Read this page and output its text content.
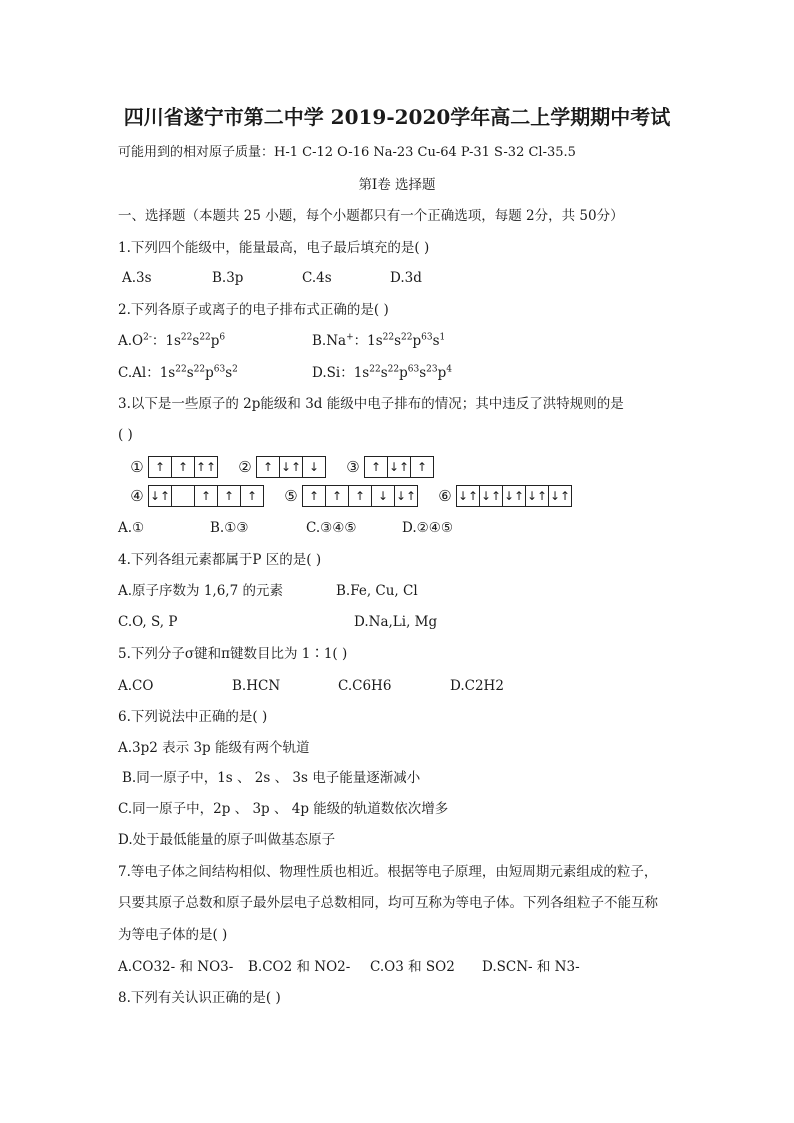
四川省遂宁市第二中学 2019-2020学年高二上学期期中考试
可能用到的相对原子质量：H-1 C-12 O-16 Na-23 Cu-64 P-31 S-32 Cl-35.5
第Ⅰ卷 选择题
一、选择题（本题共 25 小题，每个小题都只有一个正确选项，每题 2分，共 50分）
1.下列四个能级中，能量最高，电子最后填充的是( )
A.3s	B.3p	C.4s	D.3d
2.下列各原子或离子的电子排布式正确的是( )
$A.O^{2-}$：$1s^{22}s^{22}p^6$	B.Na+：$1s^{22}s^{22}p^{63}s^1$
C.Al：$1s^{22}s^{22}p^{63}s^2$	D.Si：$1s^{22}s^{22}p^{63}s^{23}p^4$
3.以下是一些原子的 2p能级和 3d 能级中电子排布的情况；其中违反了洪特规则的是
( )
① ↑	↑ ↑↑ ② ↑ ↓↑ ↓	③ ↑ ↓↑ ↑
④ ↓↑	↑	↑	↑	⑤ ↑	↑	↑	↓ ↓↑ ⑥ ↓↑ ↓↑ ↓↑ ↓↑ ↓↑
A.①	B.①③	C.③④⑤	D.②④⑤
4.下列各组元素都属于P 区的是( )
A.原子序数为 1,6,7 的元素	B.Fe, Cu, Cl
C.O, S, P	D.Na,Li, Mg
5.下列分子σ键和π键数目比为 1∶1( )
A.CO	B.HCN	C.C6H6	D.C2H2
6.下列说法中正确的是( )
A.3p2 表示 3p 能级有两个轨道
B.同一原子中，1s 、 2s 、 3s 电子能量逐渐减小
C.同一原子中，2p 、 3p 、 4p 能级的轨道数依次增多
D.处于最低能量的原子叫做基态原子
7.等电子体之间结构相似、物理性质也相近。根据等电子原理，由短周期元素组成的粒子，
只要其原子总数和原子最外层电子总数相同，均可互称为等电子体。下列各组粒子不能互称
为等电子体的是( )
A.CO32- 和 NO3- B.CO2 和 NO2- C.O3 和 SO2 D.SCN- 和 N3-
8.下列有关认识正确的是( )
